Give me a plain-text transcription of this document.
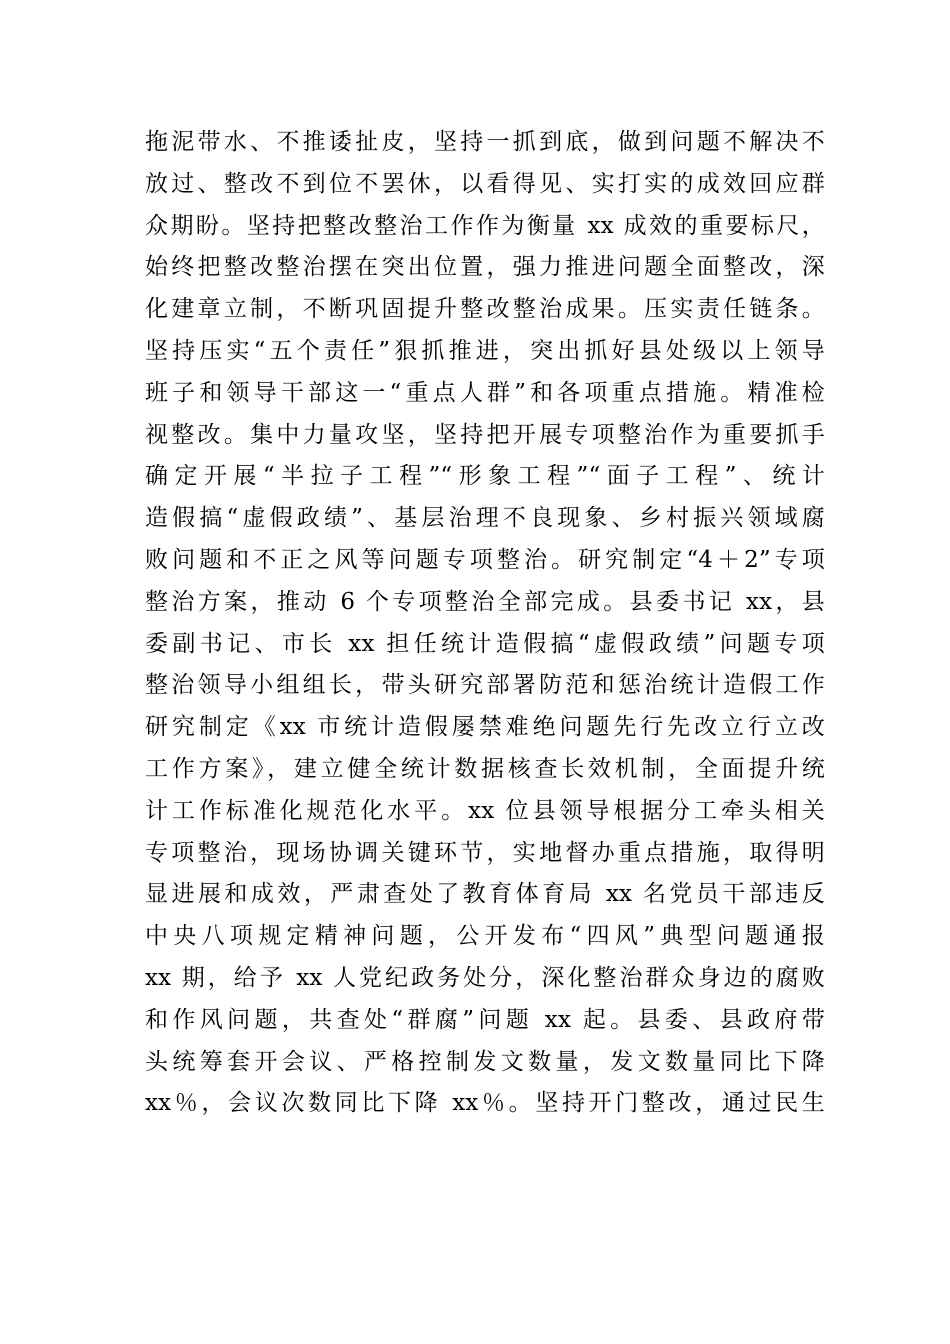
拖泥带水、不推诿扯皮，坚持一抓到底，做到问题不解决不
放过、整改不到位不罢休，以看得见、实打实的成效回应群
众期盼。坚持把整改整治工作作为衡量 xx 成效的重要标尺，
始终把整改整治摆在突出位置，强力推进问题全面整改，深
化建章立制，不断巩固提升整改整治成果。压实责任链条。
坚持压实“五个责任”狠抓推进，突出抓好县处级以上领导
班子和领导干部这一“重点人群”和各项重点措施。精准检
视整改。集中力量攻坚，坚持把开展专项整治作为重要抓手
确定开展“半拉子工程”“形象工程”“面子工程”、统计
造假搞“虚假政绩”、基层治理不良现象、乡村振兴领域腐
败问题和不正之风等问题专项整治。研究制定“4＋2”专项
整治方案，推动 6 个专项整治全部完成。县委书记 xx，县
委副书记、市长 xx 担任统计造假搞“虚假政绩”问题专项
整治领导小组组长，带头研究部署防范和惩治统计造假工作
研究制定《xx 市统计造假屡禁难绝问题先行先改立行立改
工作方案》，建立健全统计数据核查长效机制，全面提升统
计工作标准化规范化水平。xx 位县领导根据分工牵头相关
专项整治，现场协调关键环节，实地督办重点措施，取得明
显进展和成效，严肃查处了教育体育局 xx 名党员干部违反
中央八项规定精神问题，公开发布“四风”典型问题通报
xx 期，给予 xx 人党纪政务处分，深化整治群众身边的腐败
和作风问题，共查处“群腐”问题 xx 起。县委、县政府带
头统筹套开会议、严格控制发文数量，发文数量同比下降
xx％，会议次数同比下降 xx％。坚持开门整改，通过民生
